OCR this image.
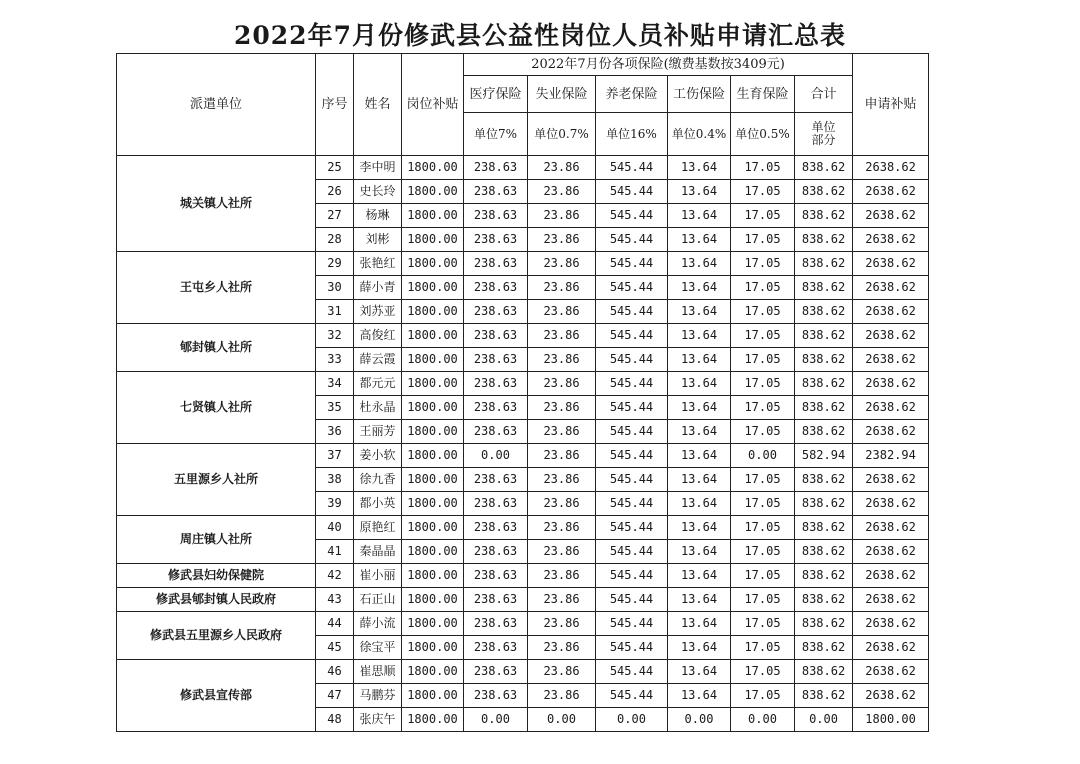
2022年7月份修武县公益性岗位人员补贴申请汇总表
派遣单位	序号	姓名	岗位补贴	2022年7月份各项保险(缴费基数按3409元)						申请补贴
				医疗保险	失业保险	养老保险	工伤保险	生育保险	合计	
				单位7%	单位0.7%	单位16%	单位0.4%	单位0.5%	单位部分	
城关镇人社所	25	李中明	1800.00	238.63	23.86	545.44	13.64	17.05	838.62	2638.62
	26	史长玲	1800.00	238.63	23.86	545.44	13.64	17.05	838.62	2638.62
	27	杨琳	1800.00	238.63	23.86	545.44	13.64	17.05	838.62	2638.62
	28	刘彬	1800.00	238.63	23.86	545.44	13.64	17.05	838.62	2638.62
王屯乡人社所	29	张艳红	1800.00	238.63	23.86	545.44	13.64	17.05	838.62	2638.62
	30	薛小青	1800.00	238.63	23.86	545.44	13.64	17.05	838.62	2638.62
	31	刘苏亚	1800.00	238.63	23.86	545.44	13.64	17.05	838.62	2638.62
郇封镇人社所	32	高俊红	1800.00	238.63	23.86	545.44	13.64	17.05	838.62	2638.62
	33	薛云霞	1800.00	238.63	23.86	545.44	13.64	17.05	838.62	2638.62
七贤镇人社所	34	都元元	1800.00	238.63	23.86	545.44	13.64	17.05	838.62	2638.62
	35	杜永晶	1800.00	238.63	23.86	545.44	13.64	17.05	838.62	2638.62
	36	王丽芳	1800.00	238.63	23.86	545.44	13.64	17.05	838.62	2638.62
五里源乡人社所	37	姜小软	1800.00	0.00	23.86	545.44	13.64	0.00	582.94	2382.94
	38	徐九香	1800.00	238.63	23.86	545.44	13.64	17.05	838.62	2638.62
	39	都小英	1800.00	238.63	23.86	545.44	13.64	17.05	838.62	2638.62
周庄镇人社所	40	原艳红	1800.00	238.63	23.86	545.44	13.64	17.05	838.62	2638.62
	41	秦晶晶	1800.00	238.63	23.86	545.44	13.64	17.05	838.62	2638.62
修武县妇幼保健院	42	崔小丽	1800.00	238.63	23.86	545.44	13.64	17.05	838.62	2638.62
修武县郇封镇人民政府	43	石正山	1800.00	238.63	23.86	545.44	13.64	17.05	838.62	2638.62
修武县五里源乡人民政府	44	薛小流	1800.00	238.63	23.86	545.44	13.64	17.05	838.62	2638.62
	45	徐宝平	1800.00	238.63	23.86	545.44	13.64	17.05	838.62	2638.62
修武县宣传部	46	崔思顺	1800.00	238.63	23.86	545.44	13.64	17.05	838.62	2638.62
	47	马鹏芬	1800.00	238.63	23.86	545.44	13.64	17.05	838.62	2638.62
	48	张庆午	1800.00	0.00	0.00	0.00	0.00	0.00	0.00	1800.00
